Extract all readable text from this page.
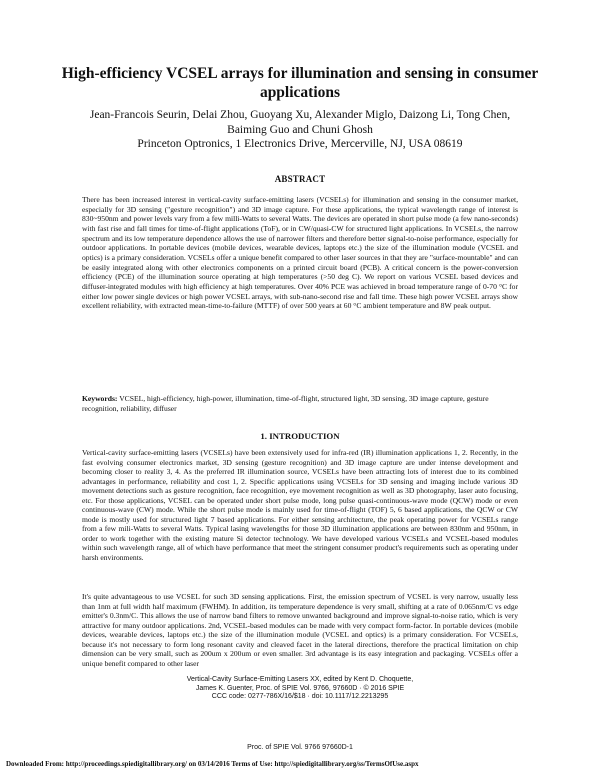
High-efficiency VCSEL arrays for illumination and sensing in consumer applications
Jean-Francois Seurin, Delai Zhou, Guoyang Xu, Alexander Miglo, Daizong Li, Tong Chen, Baiming Guo and Chuni Ghosh
Princeton Optronics, 1 Electronics Drive, Mercerville, NJ, USA 08619
ABSTRACT

There has been increased interest in vertical-cavity surface-emitting lasers (VCSELs) for illumination and sensing in the consumer market, especially for 3D sensing ("gesture recognition") and 3D image capture. For these applications, the typical wavelength range of interest is 830~950nm and power levels vary from a few milli-Watts to several Watts. The devices are operated in short pulse mode (a few nano-seconds) with fast rise and fall times for time-of-flight applications (ToF), or in CW/quasi-CW for structured light applications. In VCSELs, the narrow spectrum and its low temperature dependence allows the use of narrower filters and therefore better signal-to-noise performance, especially for outdoor applications. In portable devices (mobile devices, wearable devices, laptops etc.) the size of the illumination module (VCSEL and optics) is a primary consideration. VCSELs offer a unique benefit compared to other laser sources in that they are "surface-mountable" and can be easily integrated along with other electronics components on a printed circuit board (PCB). A critical concern is the power-conversion efficiency (PCE) of the illumination source operating at high temperatures (>50 deg C). We report on various VCSEL based devices and diffuser-integrated modules with high efficiency at high temperatures. Over 40% PCE was achieved in broad temperature range of 0-70 °C for either low power single devices or high power VCSEL arrays, with sub-nano-second rise and fall time. These high power VCSEL arrays show excellent reliability, with extracted mean-time-to-failure (MTTF) of over 500 years at 60 °C ambient temperature and 8W peak output.

Keywords: VCSEL, high-efficiency, high-power, illumination, time-of-flight, structured light, 3D sensing, 3D image capture, gesture recognition, reliability, diffuser

1. INTRODUCTION

Vertical-cavity surface-emitting lasers (VCSELs) have been extensively used for infra-red (IR) illumination applications 1, 2. Recently, in the fast evolving consumer electronics market, 3D sensing (gesture recognition) and 3D image capture are under intense development and becoming closer to reality 3, 4. As the preferred IR illumination source, VCSELs have been attracting lots of interest due to its combined advantages in performance, reliability and cost 1, 2. Specific applications using VCSELs for 3D sensing and imaging include various 3D movement detections such as gesture recognition, face recognition, eye movement recognition as well as 3D photography, laser auto focusing, etc. For those applications, VCSEL can be operated under short pulse mode, long pulse quasi-continuous-wave mode (QCW) mode or even continuous-wave (CW) mode. While the short pulse mode is mainly used for time-of-flight (TOF) 5, 6 based applications, the QCW or CW mode is mostly used for structured light 7 based applications. For either sensing architecture, the peak operating power for VCSELs range from a few mili-Watts to several Watts. Typical lasing wavelengths for those 3D illumination applications are between 830nm and 950nm, in order to work together with the existing mature Si detector technology. We have developed various VCSELs and VCSEL-based modules within such wavelength range, all of which have performance that meet the stringent consumer product's requirements such as operating under harsh environments.

It's quite advantageous to use VCSEL for such 3D sensing applications. First, the emission spectrum of VCSEL is very narrow, usually less than 1nm at full width half maximum (FWHM). In addition, its temperature dependence is very small, shifting at a rate of 0.065nm/C vs edge emitter's 0.3nm/C. This allows the use of narrow band filters to remove unwanted background and improve signal-to-noise ratio, which is very attractive for many outdoor applications. 2nd, VCSEL-based modules can be made with very compact form-factor. In portable devices (mobile devices, wearable devices, laptops etc.) the size of the illumination module (VCSEL and optics) is a primary consideration. For VCSELs, because it's not necessary to form long resonant cavity and cleaved facet in the lateral directions, therefore the practical limitation on chip dimension can be very small, such as 200um x 200um or even smaller. 3rd advantage is its easy integration and packaging. VCSELs offer a unique benefit compared to other laser

Vertical-Cavity Surface-Emitting Lasers XX, edited by Kent D. Choquette,
James K. Guenter, Proc. of SPIE Vol. 9766, 97660D · © 2016 SPIE
CCC code: 0277-786X/16/$18 · doi: 10.1117/12.2213295
Proc. of SPIE Vol. 9766 97660D-1
Downloaded From: http://proceedings.spiedigitallibrary.org/ on 03/14/2016 Terms of Use: http://spiedigitallibrary.org/ss/TermsOfUse.aspx
